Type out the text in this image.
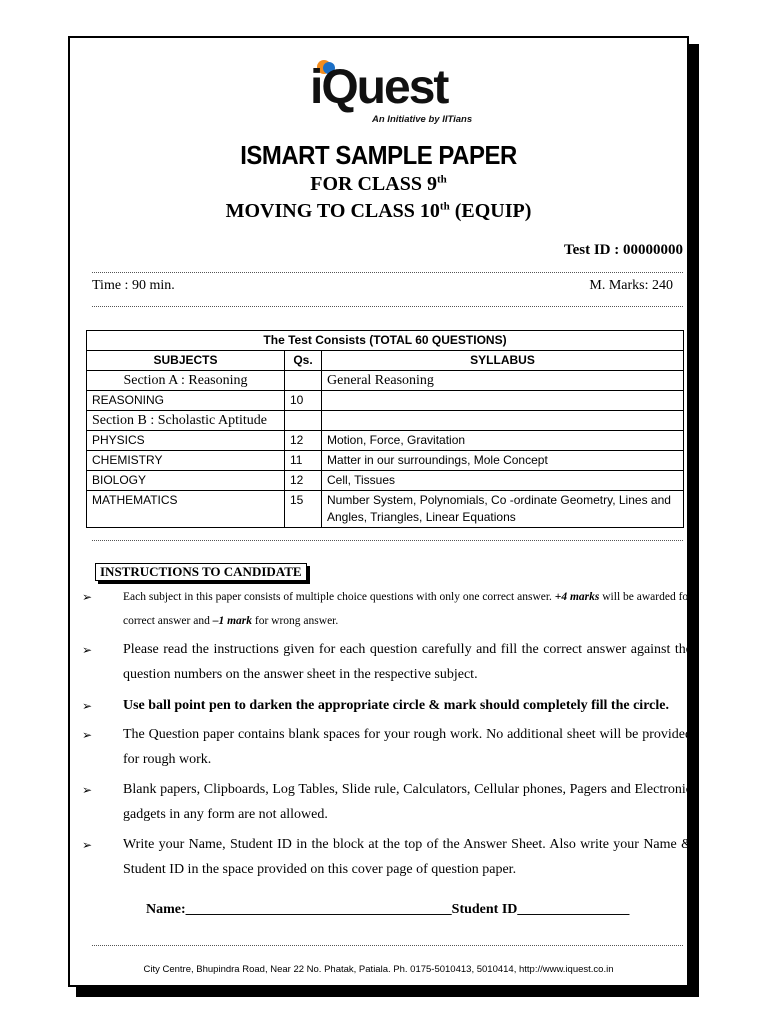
iQuest
An Initiative by IITians
ISMART SAMPLE PAPER
FOR CLASS 9th
MOVING TO CLASS 10th (EQUIP)
Test ID : 00000000
Time : 90 min.	M. Marks: 240
The Test Consists (TOTAL 60 QUESTIONS)		
SUBJECTS	Qs.	SYLLABUS
Section A : Reasoning		General Reasoning
REASONING	10	
Section B : Scholastic Aptitude		
PHYSICS	12	Motion, Force, Gravitation
CHEMISTRY	11	Matter in our surroundings, Mole Concept
BIOLOGY	12	Cell, Tissues
MATHEMATICS	15	Number System, Polynomials, Co -ordinate Geometry, Lines and Angles, Triangles, Linear Equations
INSTRUCTIONS TO CANDIDATE
➢	Each subject in this paper consists of multiple choice questions with only one correct answer. +4 marks will be awarded for correct answer and –1 mark for wrong answer.
➢ Please read the instructions given for each question carefully and fill the correct answer against the question numbers on the answer sheet in the respective subject.
➢ Use ball point pen to darken the appropriate circle & mark should completely fill the circle.
➢ The Question paper contains blank spaces for your rough work. No additional sheet will be provided for rough work.
➢ Blank papers, Clipboards, Log Tables, Slide rule, Calculators, Cellular phones, Pagers and Electronic gadgets in any form are not allowed.
➢ Write your Name, Student ID in the block at the top of the Answer Sheet. Also write your Name & Student ID in the space provided on this cover page of question paper.
Name:______________________________________Student ID________________
City Centre, Bhupindra Road, Near 22 No. Phatak, Patiala. Ph. 0175-5010413, 5010414, http://www.iquest.co.in
